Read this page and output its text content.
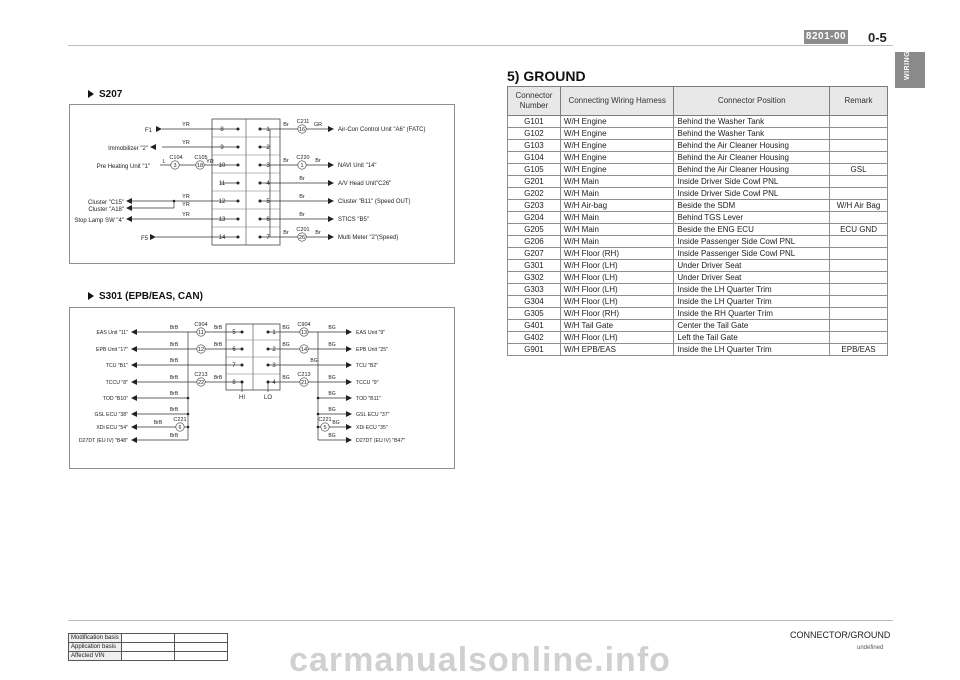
8201-00 0-5
WIRING
S207
3	18
16
1
26
C104 C105
C211
C220
C201
8
9
10
11
12
13
14
1
2
3
4
5
6
7
F1
Immobilizer "2"
Pre Heating Unit "1"
Cluster "C15"
Cluster "A18"
Stop Lamp SW "4"
F5
YR
YR
L	YR
YR
YR
YR
Br	GR
Br	Br
Br
Br
Br
Br	Br
Air-Con Control Unit "A6" (FATC)
NAVI Unit "14"
A/V Head Unit"C26"
Cluster "B11" (Speed OUT)
STICS "B5"
Multi Meter "2"(Speed)
S301 (EPB/EAS, CAN)
11
12
22
6
13
14
21
5
C904
C213
C221
C904
C213
C221
5
6
7
8
1
2
3
4
HI	LO
EAS Unit "11"
EPB Unit "17"
TCU "B1"
TCCU "8"
TOD "B10"
GSL ECU "38"
XDi ECU "54"
D27DT (EU IV) "B48"
BrB
BrB
BrB
BrB
BrB
BrB
BrB
BrB
BrB
BrB
BrB
BG
BG
BG
BG
BG
BG
BG
BG
BG
BG
BG
EAS Unit "9"
EPB Unit "25"
TCU "B2"
TCCU "9"
TOD "B11"
GSL ECU "37"
XDi ECU "35"
D27DT (EU IV) "B47"
5) GROUND
Connector Number	Connecting Wiring Harness	Connector Position	Remark
G101	W/H Engine	Behind the Washer Tank	
G102	W/H Engine	Behind the Washer Tank	
G103	W/H Engine	Behind the Air Cleaner Housing	
G104	W/H Engine	Behind the Air Cleaner Housing	
G105	W/H Engine	Behind the Air Cleaner Housing	GSL
G201	W/H Main	Inside Driver Side Cowl PNL	
G202	W/H Main	Inside Driver Side Cowl PNL	
G203	W/H Air-bag	Beside the SDM	W/H Air Bag
G204	W/H Main	Behind TGS Lever	
G205	W/H Main	Beside the ENG ECU	ECU GND
G206	W/H Main	Inside Passenger Side Cowl PNL	
G207	W/H Floor (RH)	Inside Passenger Side Cowl PNL	
G301	W/H Floor (LH)	Under Driver Seat	
G302	W/H Floor (LH)	Under Driver Seat	
G303	W/H Floor (LH)	Inside the LH Quarter Trim	
G304	W/H Floor (LH)	Inside the LH Quarter Trim	
G305	W/H Floor (RH)	Inside the RH Quarter Trim	
G401	W/H Tail Gate	Center the Tail Gate	
G402	W/H Floor (LH)	Left the Tail Gate	
G901	W/H EPB/EAS	Inside the LH Quarter Trim	EPB/EAS
Modification basis		
Application basis		
Affected VIN		
CONNECTOR/GROUND
undefined
carmanualsonline.info
